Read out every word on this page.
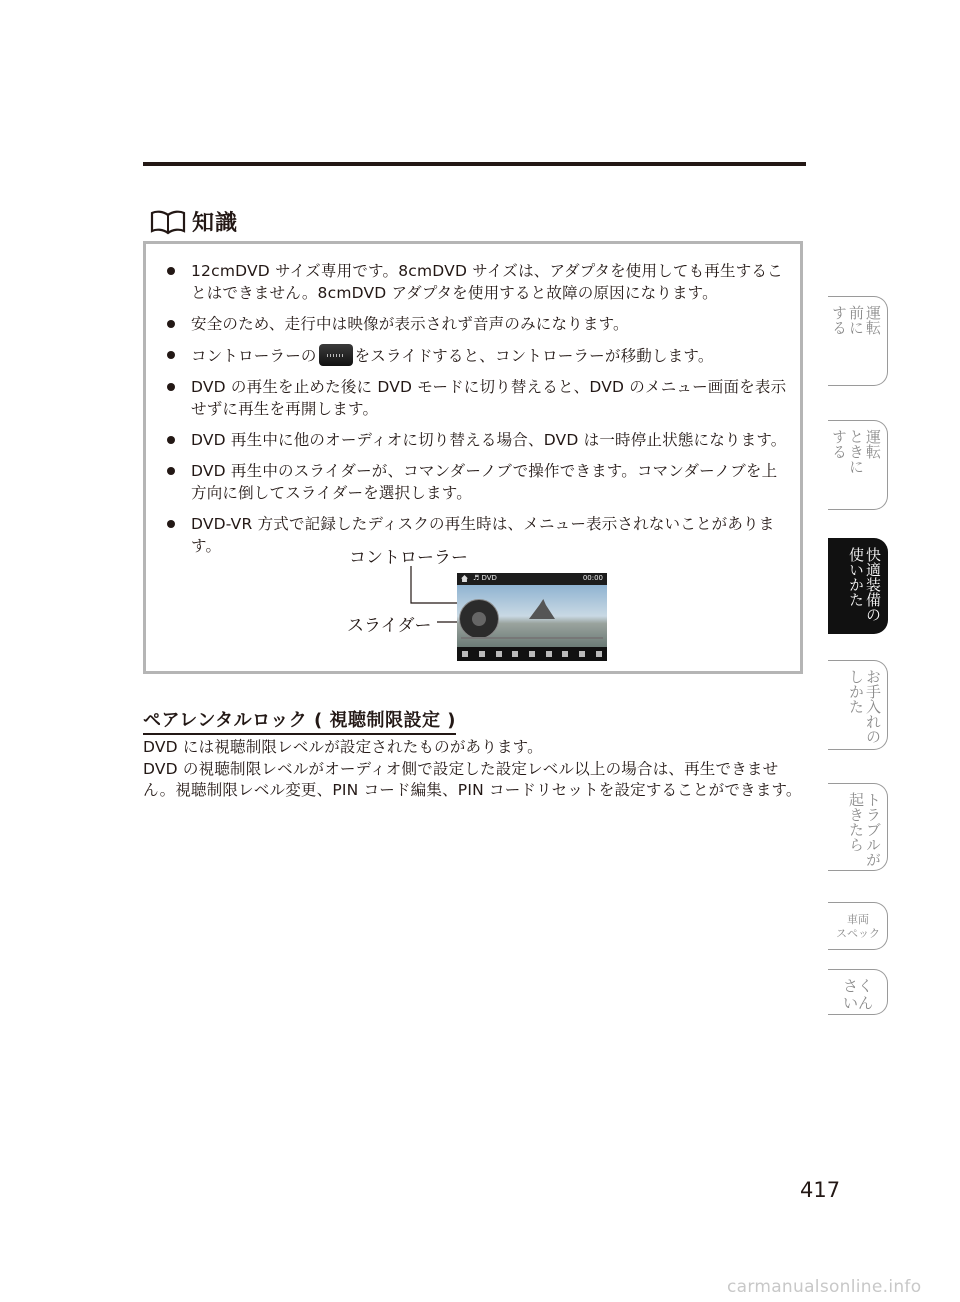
知識
12cmDVD サイズ専用です。8cmDVD サイズは、アダプタを使用しても再生することはできません。8cmDVD アダプタを使用すると故障の原因になります。
安全のため、走行中は映像が表示されず音声のみになります。
コントローラーの をスライドすると、コントローラーが移動します。
DVD の再生を止めた後に DVD モードに切り替えると、DVD のメニュー画面を表示せずに再生を再開します。
DVD 再生中に他のオーディオに切り替える場合、DVD は一時停止状態になります。
DVD 再生中のスライダーが、コマンダーノブで操作できます。コマンダーノブを上方向に倒してスライダーを選択します。
DVD-VR 方式で記録したディスクの再生時は、メニュー表示されないことがあります。
コントローラー
スライダー
♬ DVD	00:00
ペアレンタルロック ( 視聴制限設定 )

DVD には視聴制限レベルが設定されたものがあります。

DVD の視聴制限レベルがオーディオ側で設定した設定レベル以上の場合は、再生できません。視聴制限レベル変更、PIN コード編集、PIN コードリセットを設定することができます。

運転
前に
する
運転
ときに
する
快適装備の
使いかた
お手入れの
しかた
トラブルが
起きたら
車両
スペック
さく
いん
417
carmanualsonline.info
